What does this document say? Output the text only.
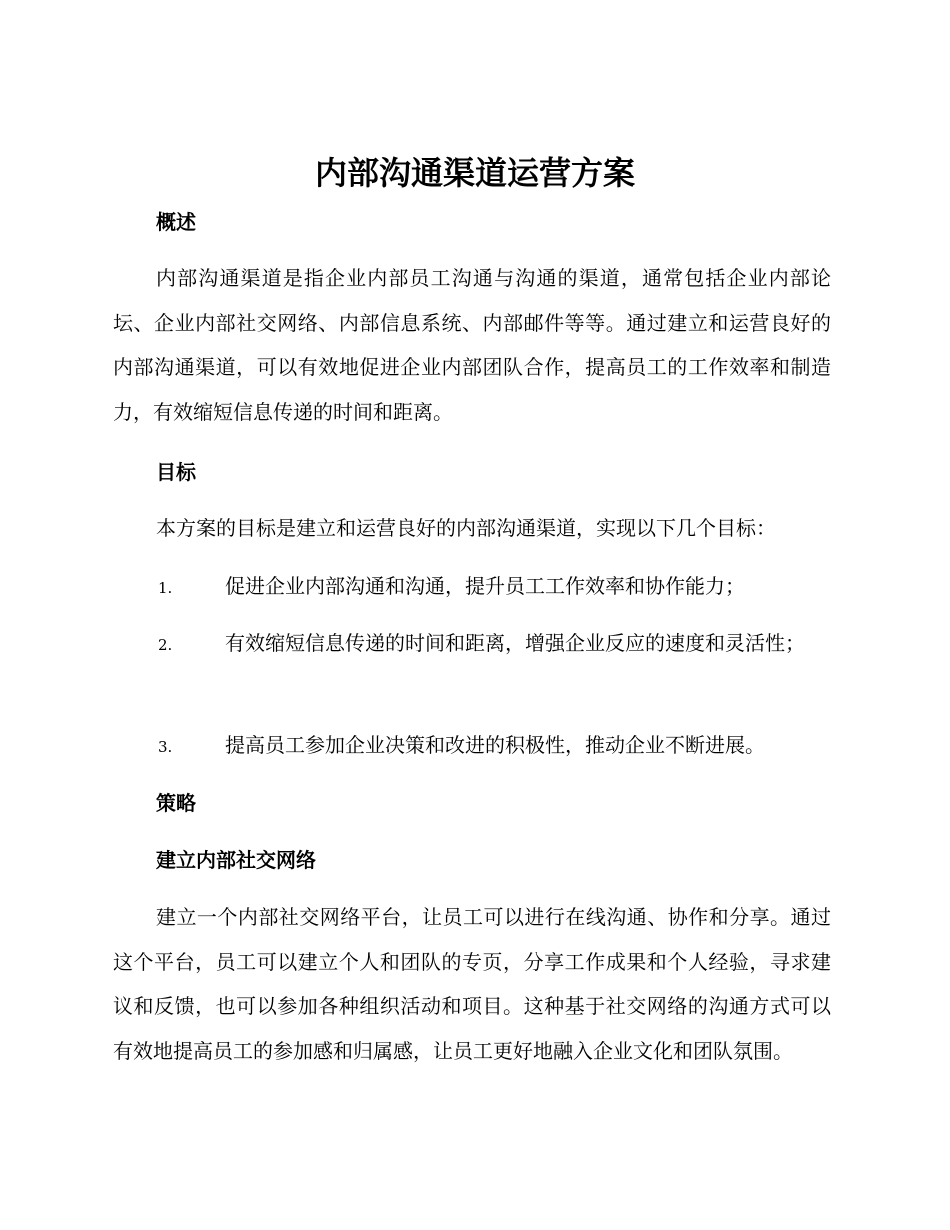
内部沟通渠道运营方案
概述

内部沟通渠道是指企业内部员工沟通与沟通的渠道，通常包括企业内部论坛、企业内部社交网络、内部信息系统、内部邮件等等。通过建立和运营良好的内部沟通渠道，可以有效地促进企业内部团队合作，提高员工的工作效率和制造力，有效缩短信息传递的时间和距离。

目标

本方案的目标是建立和运营良好的内部沟通渠道，实现以下几个目标：

1.	促进企业内部沟通和沟通，提升员工工作效率和协作能力；

2.	有效缩短信息传递的时间和距离，增强企业反应的速度和灵活性；

3.	提高员工参加企业决策和改进的积极性，推动企业不断进展。

策略
建立内部社交网络

建立一个内部社交网络平台，让员工可以进行在线沟通、协作和分享。通过这个平台，员工可以建立个人和团队的专页，分享工作成果和个人经验，寻求建议和反馈，也可以参加各种组织活动和项目。这种基于社交网络的沟通方式可以有效地提高员工的参加感和归属感，让员工更好地融入企业文化和团队氛围。
